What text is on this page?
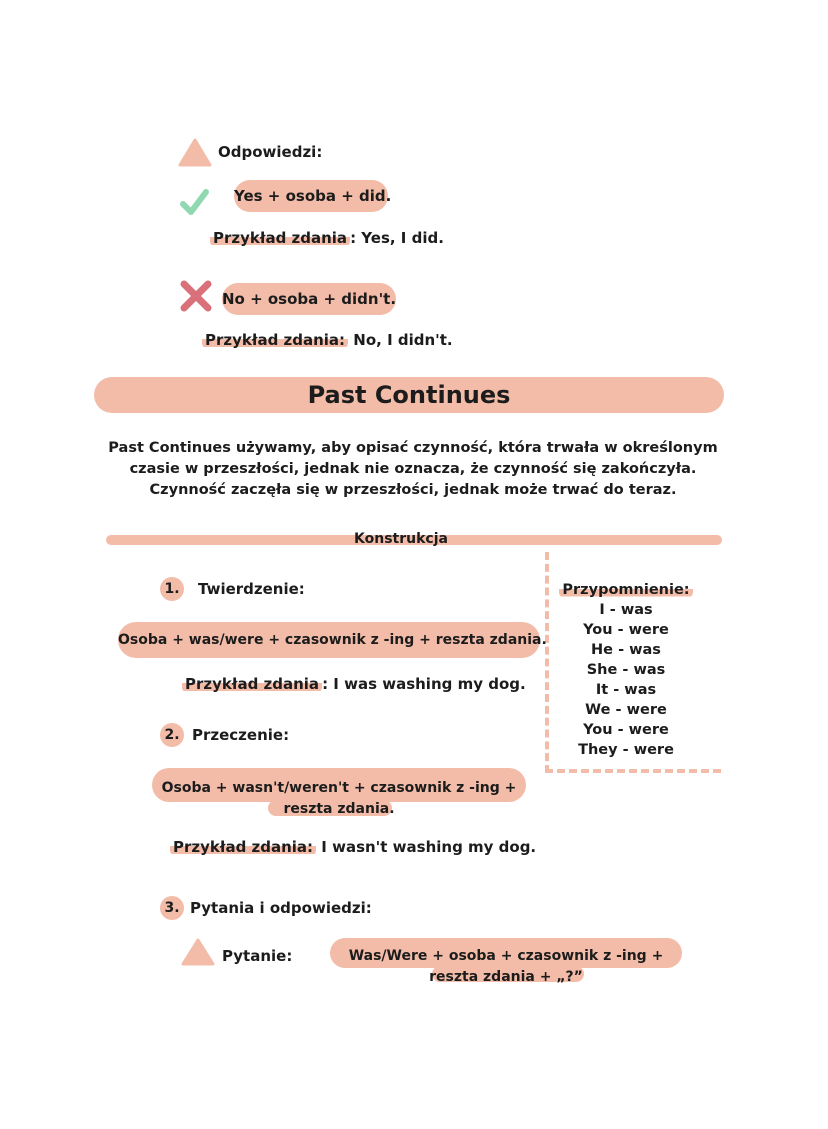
Odpowiedzi:
Yes + osoba + did.
Przykład zdania : Yes, I did.
No + osoba + didn't.
Przykład zdania: No, I didn't.
Past Continues
Past Continues używamy, aby opisać czynność, która trwała w określonym
czasie w przeszłości, jednak nie oznacza, że czynność się zakończyła.
Czynność zaczęła się w przeszłości, jednak może trwać do teraz.
Konstrukcja
Przypomnienie:
I - was
You - were
He - was
She - was
It - was
We - were
You - were
They - were
1. Twierdzenie:
Osoba + was/were + czasownik z -ing + reszta zdania.
Przykład zdania : I was washing my dog.
2. Przeczenie:
Osoba + wasn't/weren't + czasownik z -ing +
reszta zdania.
Przykład zdania: I wasn't washing my dog.
3. Pytania i odpowiedzi:
Pytanie:	Was/Were + osoba + czasownik z -ing +
reszta zdania + „?”
